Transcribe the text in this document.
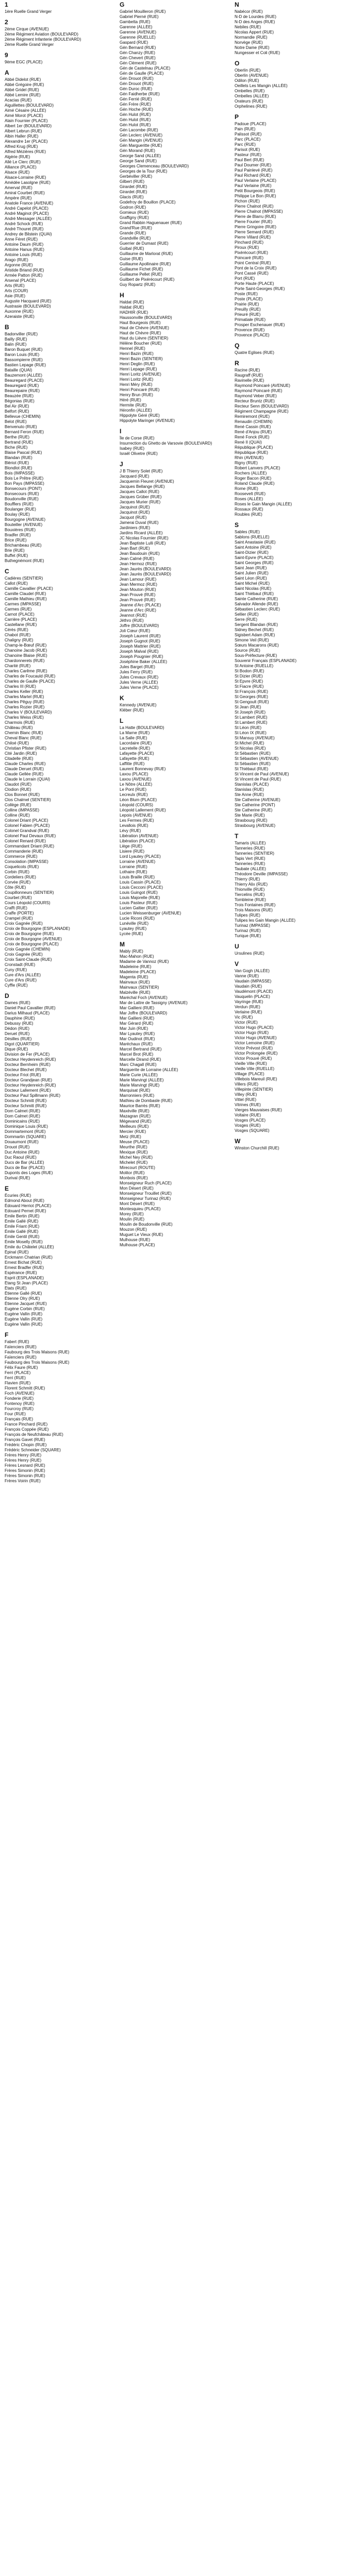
1
1ère Ruelle Grand Verger
2
2ème Cirque (AVENUE)
2ème Régiment Aviation (BOULEVARD)
2ème Régiment Infanterie (BOULEVARD)
2ème Ruelle Grand Verger
9
9ème EGC (PLACE)
A
Abbé Didelot (RUE)
Abbé Grégoire (RUE)
Abbé Gridel (RUE)
Abbé Lemire (RUE)
Acacias (RUE)
Aiguillettes (BOULEVARD)
Aimé Césaire (ALLÉE)
Aimé Morot (PLACE)
Alain Fournier (PLACE)
Albert 1er (BOULEVARD)
Albert Lebrun (RUE)
Albin Haller (RUE)
Alexandre 1er (PLACE)
Alfred Krug (RUE)
Alfred Mézières (RUE)
Algérie (RUE)
Allé Le Clerc (RUE)
Alliance (PLACE)
Alsace (RUE)
Alsace-Lorraine (RUE)
Amédée Lasolgne (RUE)
Amerval (RUE)
Amiral Courbet (RUE)
Ampère (RUE)
Anatole France (AVENUE)
André Capelot (PLACE)
André Maginot (PLACE)
André Messager (ALLÉE)
André Schock (RUE)
André Thouret (RUE)
Andrey de Bilstein (QUAI)
Anne Féret (RUE)
Antoine Daum (RUE)
Antoine Hanus (RUE)
Antoine Louis (RUE)
Arago (RUE)
Argonne (RUE)
Aristide Briand (RUE)
Armée Patton (RUE)
Arsenal (PLACE)
Arts (RUE)
Arts (COUR)
Asie (RUE)
Auguste Hacquard (RUE)
Austrasie (BOULEVARD)
Auxonne (RUE)
Azeraiste (RUE)
B
Badonviller (RUE)
Bailly (RUE)
Balin (RUE)
Baron Buquet (RUE)
Baron Louis (RUE)
Bassompierre (RUE)
Bastien Lepage (RUE)
Bataille (QUAI)
Bauzemont (ALLÉE)
Beauregard (PLACE)
Beauregard (RUE)
Beaurepaire (RUE)
Beauzée (RUE)
Bégonias (RUE)
Bel Air (RUE)
Belfort (RUE)
Bellevue (CHEMIN)
Belot (RUE)
Benvenuto (RUE)
Bernard Feron (RUE)
Berthe (RUE)
Bertrand (RUE)
Biche (RUE)
Blaise Pascal (RUE)
Blandan (RUE)
Blériot (RUE)
Blondlot (RUE)
Bois (IMPASSE)
Bois Le Prêtre (RUE)
Bon Pays (IMPASSE)
Bonsecours (PONT)
Bonsecours (RUE)
Boudonville (RUE)
Boufflers (RUE)
Boulanger (RUE)
Boulay (RUE)
Bourgogne (AVENUE)
Bouteiller (AVENUE)
Bouxières (RUE)
Bradfer (RUE)
Brice (RUE)
Brichambeau (RUE)
Brie (RUE)
Buffet (RUE)
Buthegnémont (RUE)
C
Cadières (SENTIER)
Callot (RUE)
Camille Cavallier (PLACE)
Camille Claudel (RUE)
Camille Mathieu (RUE)
Carmes (IMPASSE)
Carmes (RUE)
Carnot (PLACE)
Carrière (PLACE)
Castellane (RUE)
Cérès (RUE)
Chabot (RUE)
Chaligny (RUE)
Champ-le-Bœuf (RUE)
Chanoine Jacob (RUE)
Chanoine Blaise (RUE)
Chardonnerets (RUE)
Charité (RUE)
Charles Carême (RUE)
Charles de Foucauld (RUE)
Charles de Gaulle (PLACE)
Charles III (RUE)
Charles Keller (RUE)
Charles Martel (RUE)
Charles Pêguy (RUE)
Charles Rozier (RUE)
Charles V (BOULEVARD)
Charles Weiss (RUE)
Charmois (RUE)
Château (RUE)
Chemin Blanc (RUE)
Cheval Blanc (RUE)
Chiloé (RUE)
Christian Pfister (RUE)
Cité Jardin (RUE)
Citadelle (RUE)
Claude Charles (RUE)
Claude Deruet (RUE)
Claude Gellée (RUE)
Claude le Lorrain (QUAI)
Claudot (RUE)
Clodion (RUE)
Clos Bonnet (RUE)
Clos Chalmel (SENTIER)
Collège (RUE)
Colline (IMPASSE)
Colline (RUE)
Colonel Driant (PLACE)
Colonel Fabien (PLACE)
Colonel Grandval (RUE)
Colonel Paul Devaux (RUE)
Colonel Renard (RUE)
Commandant Driant (RUE)
Commanderie (RUE)
Commerce (RUE)
Consolation (IMPASSE)
Coquelicots (RUE)
Corbin (RUE)
Cordeliers (RUE)
Corvée (RUE)
Côte (RUE)
Coupillonneurs (SENTIER)
Courbet (RUE)
Cours Léopold (COURS)
Crafft (RUE)
Craffe (PORTE)
Crampel (RUE)
Croix Gagnée (RUE)
Croix de Bourgogne (ESPLANADE)
Croix de Bourgogne (RUE)
Croix de Bourgogne (AVENUE)
Croix de Bourgogne (PLACE)
Croix Gagnée (CHEMIN)
Croix Gagnée (RUE)
Croix Saint-Claude (RUE)
Cronstadt (RUE)
Cuny (RUE)
Cure d'Ars (ALLÉE)
Cure d'Ars (RUE)
Cyffle (RUE)
D
Dames (RUE)
Daniel Paul Cavallier (RUE)
Darius Milhaud (PLACE)
Dauphine (RUE)
Debussy (RUE)
Dédon (RUE)
Deruet (RUE)
Désilles (RUE)
Digot (QUARTIER)
Dique (RUE)
Division de Fer (PLACE)
Docteur Heydenreich (RUE)
Docteur Bernheim (RUE)
Docteur Blechet (RUE)
Docteur Friot (RUE)
Docteur Grandjean (RUE)
Docteur Heydenreich (RUE)
Docteur Lallement (RUE)
Docteur Paul Spillmann (RUE)
Docteur Schmitt (RUE)
Docteur Schmitt (RUE)
Dom Calmet (RUE)
Dom Calmet (RUE)
Dominicains (RUE)
Dominique Louis (RUE)
Dommartemont (RUE)
Dommartin (SQUARE)
Douaumont (RUE)
Drouot (RUE)
Duc Antoine (RUE)
Duc Raoul (RUE)
Ducs de Bar (ALLÉE)
Ducs de Bar (PLACE)
Duponts des Loges (RUE)
Durival (RUE)
E
Écuries (RUE)
Edmond About (RUE)
Édouard Herriot (PLACE)
Edouard Pernet (RUE)
Émile Bertin (RUE)
Émile Gallé (RUE)
Émile Friant (RUE)
Émile Gallé (RUE)
Émile Gentil (RUE)
Émile Moselly (RUE)
Émile du Châtelet (ALLÉE)
Épinal (RUE)
Erckmann Chatrian (RUE)
Ernest Bichat (RUE)
Ernest Bradfer (RUE)
Espérance (RUE)
Esprit (ESPLANADE)
Étang St Jean (PLACE)
États (RUE)
Étienne Gallé (RUE)
Étienne Olry (RUE)
Étienne Jacquet (RUE)
Eugène Corbin (RUE)
Eugène Vallin (RUE)
Eugène Vallin (RUE)
Eugène Vallin (RUE)
F
Fabert (RUE)
Faïenciers (RUE)
Faubourg des Trois Maisons (RUE)
Faïenciers (RUE)
Faubourg des Trois Maisons (RUE)
Félix Faure (RUE)
Ferri (PLACE)
Ferri (RUE)
Flavien (RUE)
Florent Schmitt (RUE)
Foch (AVENUE)
Fonderie (RUE)
Fontenoy (RUE)
Fourcroy (RUE)
Four (RUE)
Français (RUE)
France Pinchard (RUE)
François Coppée (RUE)
François de Neufchâteau (RUE)
François Gavet (RUE)
Frédéric Chopin (RUE)
Frédéric Schneider (SQUARE)
Frères Henry (RUE)
Frères Henry (RUE)
Frères Lesnard (RUE)
Frères Simonin (RUE)
Frères Simonin (RUE)
Frères Voirin (RUE)
G
Gabriel Mouilleron (RUE)
Gabriel Pierné (RUE)
Gambetta (RUE)
Garenne (ALLÉE)
Garenne (AVENUE)
Garenne (RUELLE)
Gaspard (RUE)
Gén Bernard (RUE)
Gén Chanzy (RUE)
Gén Chevert (RUE)
Gén Clément (RUE)
Gén de Castelnau (PLACE)
Gén de Gaulle (PLACE)
Gén Drouot (RUE)
Gén Drouot (RUE)
Gén Duroc (RUE)
Gén Faidherbe (RUE)
Gén Ferrié (RUE)
Gén Frère (RUE)
Gén Hoche (RUE)
Gén Hulot (RUE)
Gén Hulot (RUE)
Gén Hulot (RUE)
Gén Lacombe (RUE)
Gén Leclerc (AVENUE)
Gén Mangin (AVENUE)
Gén Margueritte (RUE)
Gén Morand (RUE)
George Sand (ALLÉE)
George Sand (RUE)
Georges Clemenceau (BOULEVARD)
Georges de la Tour (RUE)
Gerbéviller (RUE)
Gilbert (RUE)
Girardet (RUE)
Girardet (RUE)
Glacis (RUE)
Godefroy de Bouillon (PLACE)
Godron (RUE)
Gomieux (RUE)
Graffigny (RUE)
Grand Rabbin Haguenauer (RUE)
Grand'Rue (RUE)
Grande (RUE)
Grandville (RUE)
Guerrier de Dumast (RUE)
Guibal (RUE)
Guillaume de Marlorat (RUE)
Guise (RUE)
Guillaume Apollinaire (RUE)
Guillaume Fichet (RUE)
Guillaume Pellet (RUE)
Guilbert de Pixérécourt (RUE)
Guy Ropartz (RUE)
H
Haldat (RUE)
Haldat (RUE)
HADHIR (RUE)
Haussonville (BOULEVARD)
Haut Bourgeois (RUE)
Haut de Chèvre (AVENUE)
Haut de Chèvre (RUE)
Haut du Lièvre (SENTIER)
Hélène Boucher (RUE)
Hennel (RUE)
Henri Bazin (RUE)
Henri Bazin (SENTIER)
Henri Deglin (RUE)
Henri Lepage (RUE)
Henri Loritz (AVENUE)
Henri Loritz (RUE)
Henri Méry (RUE)
Henri Poincaré (RUE)
Henry Brun (RUE)
Héré (RUE)
Hermite (RUE)
Héronfin (ALLÉE)
Hippolyte Géré (RUE)
Hippolyte Maringer (AVENUE)
I
Île de Corse (RUE)
Insurrection du Ghetto de Varsovie (BOULEVARD)
Isabey (RUE)
Israël Olivetre (RUE)
J
J B Thierry Solet (RUE)
Jacquard (RUE)
Jacquemin Fleuret (AVENUE)
Jacques Bellange (RUE)
Jacques Callot (RUE)
Jacques Grüber (RUE)
Jacques Murier (RUE)
Jacquinot (RUE)
Jacquinot (RUE)
Jacquot (RUE)
Jamerai Duval (RUE)
Jardiniers (RUE)
Jardins Ricard (ALLÉE)
JC Nicolas Fournier (RUE)
Jean Baptiste Lulli (RUE)
Jean Bart (RUE)
Jean Baudouin (RUE)
Jean Calmé (RUE)
Jean Hermoz (RUE)
Jean Jaurès (BOULEVARD)
Jean Jaurès (BOULEVARD)
Jean Lamour (RUE)
Jean Mermoz (RUE)
Jean Mouton (RUE)
Jean Prouvé (RUE)
Jean Prouvé (RUE)
Jeanne d'Arc (PLACE)
Jeanne d'Arc (RUE)
Jeannot (RUE)
Jéthro (RUE)
Joffre (BOULEVARD)
Joli Cœur (RUE)
Joseph Laurent (RUE)
Joseph Gugnot (RUE)
Joseph Mattrier (RUE)
Joseph Malval (RUE)
Joseph Pougnier (RUE)
Joséphine Baker (ALLÉE)
Jules Barget (RUE)
Jules Ferry (RUE)
Jules Crevaux (RUE)
Jules Verne (ALLÉE)
Jules Verne (PLACE)
K
Kennedy (AVENUE)
Kléber (RUE)
L
La Hatte (BOULEVARD)
La Marne (RUE)
La Salle (RUE)
Lacordaire (RUE)
Lacretelle (RUE)
Lafayette (PLACE)
Lafayette (RUE)
Laffitte (RUE)
Laurent Bonnevay (RUE)
Laxou (PLACE)
Laxou (AVENUE)
Le Nôtre (ALLÉE)
Le Pont (RUE)
Lecreulx (RUE)
Léon Blum (PLACE)
Léopold (COURS)
Léopold Lallement (RUE)
Lepois (AVENUE)
Les Fermes (RUE)
Levallois (RUE)
Lévy (RUE)
Libération (AVENUE)
Libération (PLACE)
Liège (RUE)
Lisiere (RUE)
Lord Lyautey (PLACE)
Lorraine (AVENUE)
Lorraine (RUE)
Lothaire (RUE)
Louis Braille (RUE)
Louis Cassin (PLACE)
Louis Cecconi (PLACE)
Louis Guingot (RUE)
Louis Majorelle (RUE)
Louis Pasteur (RUE)
Lucien Galtier (RUE)
Lucien Weissenburger (AVENUE)
Lucie Riconi (RUE)
Lunéville (RUE)
Lyautey (RUE)
Lycée (RUE)
M
Mably (RUE)
Mac-Mahon (RUE)
Madame de Vannoz (RUE)
Madeleine (RUE)
Madeleine (PLACE)
Magenta (RUE)
Mainvaux (RUE)
Mainvaux (SENTIER)
Malzéville (RUE)
Maréchal Foch (AVENUE)
Mar de Lattre de Tassigny (AVENUE)
Mar Gallieni (RUE)
Mar Joffre (BOULEVARD)
Mar Gallieni (RUE)
Mar Gérard (RUE)
Mar Juin (RUE)
Mar Lyautey (RUE)
Mar Oudinot (RUE)
Maréchaux (RUE)
Marcel Bertrand (RUE)
Marcel Brot (RUE)
Marcelle Dirand (RUE)
Marc Chagall (RUE)
Marguerite de Lorraine (ALLÉE)
Marie Curie (ALLÉE)
Marie Marvingt (ALLÉE)
Marie Marvingt (RUE)
Marquisat (RUE)
Marronniers (RUE)
Mathieu de Dombasle (RUE)
Maurice Barrès (RUE)
Maxéville (RUE)
Mazagran (RUE)
Mégevand (RUE)
Meilleurs (RUE)
Mercier (RUE)
Metz (RUE)
Meuse (PLACE)
Meurthe (RUE)
Mexique (RUE)
Michel Ney (RUE)
Michelet (RUE)
Mirecourt (ROUTE)
Molitor (RUE)
Monbois (RUE)
Monseigneur Ruch (PLACE)
Mon Désert (RUE)
Monseigneur Trouillet (RUE)
Monseigneur Turinaz (RUE)
Mont Désert (RUE)
Montesquieu (PLACE)
Morey (RUE)
Moulin (RUE)
Moulin de Boudonville (RUE)
Mouzon (RUE)
Muguet Le Vieux (RUE)
Mulhouse (RUE)
Mulhouse (PLACE)
N
Nabécor (RUE)
N-D de Lourdes (RUE)
N-D des Anges (RUE)
Nebiles (RUE)
Nicolas Appert (RUE)
Normandie (RUE)
Norvège (RUE)
Notre Dame (RUE)
Nungesser et Coli (RUE)
O
Oberlin (RUE)
Oberlin (AVENUE)
Odilon (RUE)
Oeillets Les Mangin (ALLÉE)
Ombelles (RUE)
Ombelles (ALLÉE)
Orateurs (RUE)
Orphelines (RUE)
P
Padoue (PLACE)
Pain (RUE)
Palissot (RUE)
Parc (PLACE)
Parc (RUE)
Parisot (RUE)
Pasteur (RUE)
Paul Bert (RUE)
Paul Doumer (RUE)
Paul Painlevé (RUE)
Paul Richard (RUE)
Paul Verlaine (PLACE)
Paul Verlaine (RUE)
Petit Bourgeois (RUE)
Philippe Le Bon (RUE)
Pichon (RUE)
Pierre Chalnot (RUE)
Pierre Chalnot (IMPASSE)
Pierre de Blarru (RUE)
Pierre Fourier (RUE)
Pierre Gringoire (RUE)
Pierre Semard (RUE)
Pierre Villard (RUE)
Pinchard (RUE)
Piroux (RUE)
Pixérécourt (RUE)
Poincaré (RUE)
Point Central (RUE)
Pont de la Croix (RUE)
Pont Cassé (RUE)
Port (RUE)
Porte Haute (PLACE)
Porte Saint-Georges (RUE)
Poste (RUE)
Poste (PLACE)
Prairie (RUE)
Preuilly (RUE)
Prieuré (RUE)
Primatiale (RUE)
Prosper Eschenauer (RUE)
Provence (RUE)
Provence (PLACE)
Q
Quatre Eglises (RUE)
R
Racine (RUE)
Raugraff (RUE)
Ravinelle (RUE)
Raymond Poincaré (AVENUE)
Raymond Poincaré (RUE)
Raymond Veber (RUE)
Recteur Bruntz (RUE)
Recteur Senn (BOULEVARD)
Régiment Champagne (RUE)
Remiremont (RUE)
Renaudin (CHEMIN)
René Cassin (RUE)
René d'Anjou (RUE)
René Fonck (RUE)
René II (QUAI)
République (PLACE)
République (RUE)
Rhin (AVENUE)
Rigny (RUE)
Robert Lanvers (PLACE)
Rochers (ALLÉE)
Roger Bacon (RUE)
Roland Claude (RUE)
Rome (RUE)
Roosevelt (RUE)
Roses (ALLÉE)
Roses le Gain Mangin (ALLÉE)
Rossaux (RUE)
Roubles (RUE)
S
Sables (RUE)
Sablons (RUELLE)
Saint Anastasie (RUE)
Saint Antoine (RUE)
Saint-Dizier (RUE)
Saint-Epvre (PLACE)
Saint Georges (RUE)
Saint Jean (RUE)
Saint Julien (RUE)
Saint Léon (RUE)
Saint Michel (RUE)
Saint Nicolas (RUE)
Saint Thiébaut (RUE)
Sainte Catherine (RUE)
Salvador Allende (RUE)
Sébastien Leclerc (RUE)
Sellier (RUE)
Serre (RUE)
Sergent Blandan (RUE)
Sidney Bechet (RUE)
Sigisbert Adam (RUE)
Simone Veil (RUE)
Sœurs Macarons (RUE)
Source (RUE)
Sous-Préfecture (RUE)
Souvenir Français (ESPLANADE)
St Antoine (RUELLE)
St Bodon (RUE)
St Dizier (RUE)
St Epvre (RUE)
St Fiacre (RUE)
St François (RUE)
St Georges (RUE)
St Gengoult (RUE)
St Jean (RUE)
St Joseph (RUE)
St Lambert (RUE)
St Lambert (RUE)
St Léon (RUE)
St Léon IX (RUE)
St Mansuy (AVENUE)
St Michel (RUE)
St Nicolas (RUE)
St Sébastien (RUE)
St Sébastien (AVENUE)
St Sébastien (RUE)
St Thiébaut (RUE)
St Vincent de Paul (AVENUE)
St Vincent de Paul (RUE)
Stanislas (PLACE)
Stanislas (RUE)
Ste Anne (RUE)
Ste Catherine (AVENUE)
Ste Catherine (PONT)
Ste Catherine (RUE)
Ste Marie (RUE)
Strasbourg (RUE)
Strasbourg (AVENUE)
T
Tamaris (ALLÉE)
Tanneries (RUE)
Tanneries (SENTIER)
Tapis Vert (RUE)
Tanneries (RUE)
Taubate (ALLÉE)
Théodore Deville (IMPASSE)
Thierry (RUE)
Thierry Alix (RUE)
Thionville (RUE)
Tiercelins (RUE)
Tombleine (RUE)
Trois Fontaines (RUE)
Trois Maisons (RUE)
Tulipes (RUE)
Tulipes les Gain Mangin (ALLÉE)
Turinaz (IMPASSE)
Turinaz (RUE)
Turique (RUE)
U
Ursulines (RUE)
V
Van Gogh (ALLÉE)
Vanne (RUE)
Vaudain (IMPASSE)
Vaudain (RUE)
Vaudémont (PLACE)
Vauquelin (PLACE)
Vayringe (RUE)
Verdun (RUE)
Verlaine (RUE)
Vic (RUE)
Victor (RUE)
Victor Hugo (PLACE)
Victor Hugo (RUE)
Victor Hugo (AVENUE)
Victor Lemoine (RUE)
Victor Prévost (RUE)
Victor Prolongée (RUE)
Victor Prouvé (RUE)
Vieille Ville (RUE)
Vieille Ville (RUELLE)
Village (PLACE)
Villebois Mareuil (RUE)
Villers (RUE)
Villepinte (SENTIER)
Villey (RUE)
Vittel (RUE)
Vitrines (RUE)
Vierges Mauvaises (RUE)
Voltaire (RUE)
Vosges (PLACE)
Vosges (RUE)
Vosges (SQUARE)
W
Winston Churchill (RUE)
